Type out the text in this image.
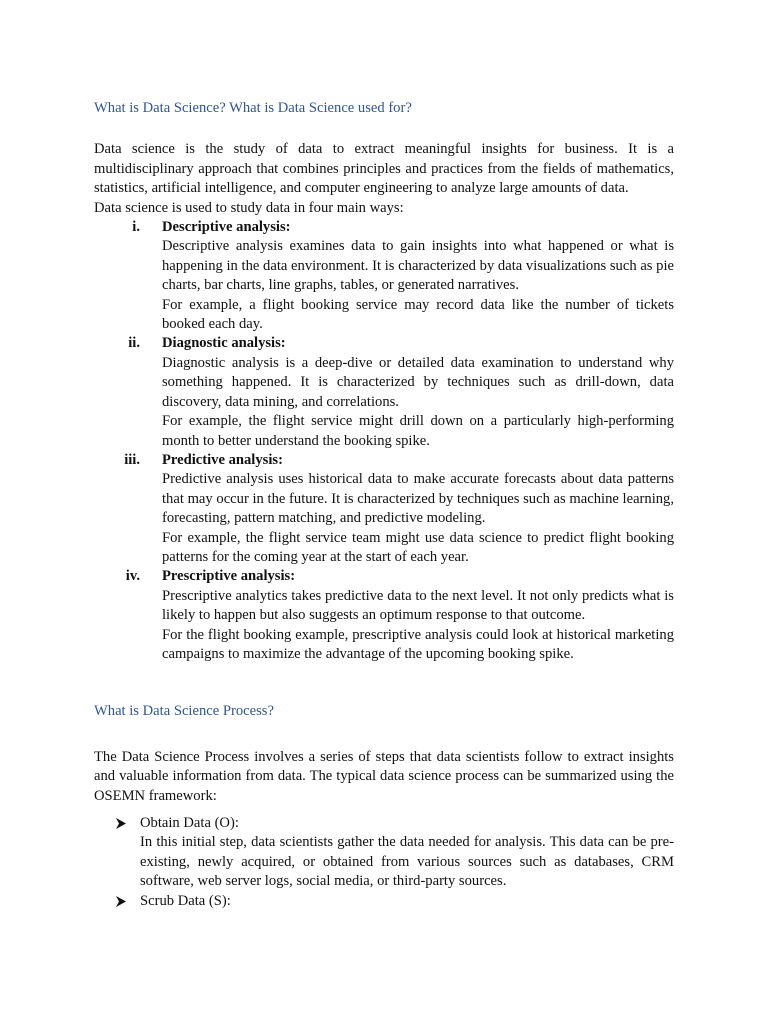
What is Data Science? What is Data Science used for?

Data science is the study of data to extract meaningful insights for business. It is a multidisciplinary approach that combines principles and practices from the fields of mathematics, statistics, artificial intelligence, and computer engineering to analyze large amounts of data.

Data science is used to study data in four main ways:

i. Descriptive analysis:

Descriptive analysis examines data to gain insights into what happened or what is happening in the data environment. It is characterized by data visualizations such as pie charts, bar charts, line graphs, tables, or generated narratives.

For example, a flight booking service may record data like the number of tickets booked each day.

ii. Diagnostic analysis:

Diagnostic analysis is a deep-dive or detailed data examination to understand why something happened. It is characterized by techniques such as drill-down, data discovery, data mining, and correlations.

For example, the flight service might drill down on a particularly high-performing month to better understand the booking spike.

iii. Predictive analysis:

Predictive analysis uses historical data to make accurate forecasts about data patterns that may occur in the future. It is characterized by techniques such as machine learning, forecasting, pattern matching, and predictive modeling.

For example, the flight service team might use data science to predict flight booking patterns for the coming year at the start of each year.

iv. Prescriptive analysis:

Prescriptive analytics takes predictive data to the next level. It not only predicts what is likely to happen but also suggests an optimum response to that outcome.

For the flight booking example, prescriptive analysis could look at historical marketing campaigns to maximize the advantage of the upcoming booking spike.

What is Data Science Process?

The Data Science Process involves a series of steps that data scientists follow to extract insights and valuable information from data. The typical data science process can be summarized using the OSEMN framework:

Obtain Data (O):

In this initial step, data scientists gather the data needed for analysis. This data can be pre-existing, newly acquired, or obtained from various sources such as databases, CRM software, web server logs, social media, or third-party sources.

Scrub Data (S):
